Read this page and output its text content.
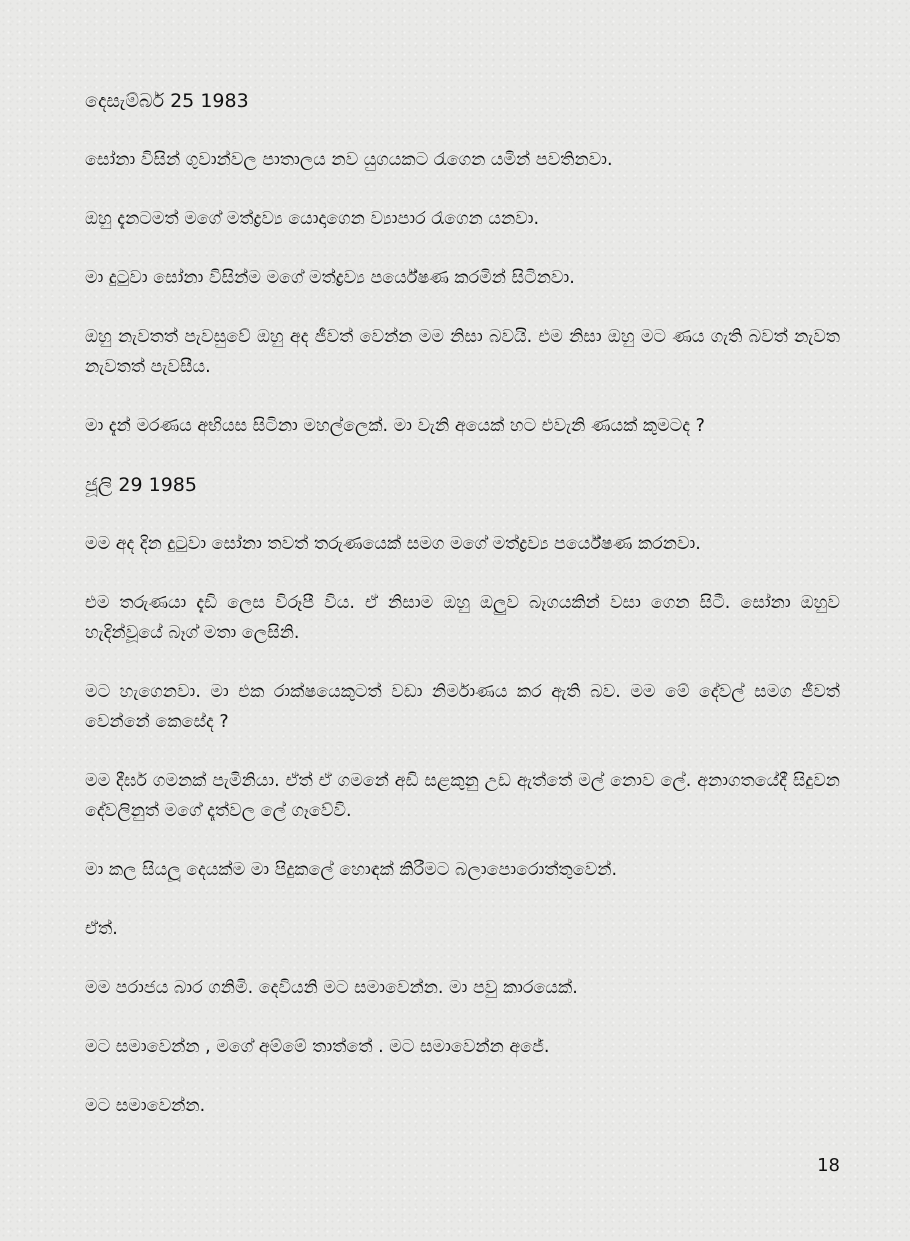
දෙසැම්බර් 25 1983

සෝනා විසින් ගුවාන්වල පාතාලය නව යුගයකට රැගෙන යමින් පවතිනවා.

ඔහු දැනටමත් මගේ මත්ද්‍රව්‍ය යොදාගෙන ව්‍යාපාර රැගෙන යනවා.

මා දුටුවා සෝනා විසින්ම මගේ මත්ද්‍රව්‍ය පර්යේෂණ කරමින් සිටිනවා.

ඔහු නැවතත් පැවසුවේ ඔහු අද ජීවත් වෙන්න මම නිසා බවයි. එම නිසා ඔහු මට ණය ගැති බවත් නැවත නැවතත් පැවසීය.

මා දැන් මරණය අභියස සිටිනා මහල්ලෙක්. මා වැනි අයෙක් හට එවැනි ණයක් කුමටද ?

ජූලි 29 1985

මම අද දින දුටුවා සෝනා තවත් තරුණයෙක් සමග මගේ මත්ද්‍රව්‍ය පර්යේෂණ කරනවා.

එම තරුණයා දැඩි ලෙස විරූපී විය. ඒ නිසාම ඔහු ඔලුව බෑගයකින් වසා ගෙන සිටී. සෝනා ඔහුව හැදින්වූයේ බෑග් මතා ලෙසිනි.

මට හැගෙනවා. මා එක රාක්ෂයෙකුටත් වඩා නිර්මාණය කර ඇති බව. මම මේ දේවල් සමග ජීවත් වෙන්නේ කෙසේද ?

මම දීර්ඝ ගමනක් පැමිනියා. ඒත් ඒ ගමනේ අඩි සළකුනු උඩ ඇත්තේ මල් නොව ලේ. අනාගතයේදී සිදුවන දේවලිනුත් මගේ දෑත්වල ලේ ගෑවේවි.

මා කල සියලූ දෙයක්ම මා පිදුකලේ හොඳක් කිරීමට බලාපොරොත්තුවෙන්.

ඒත්.

මම පරාජය බාර ගනිමි. දෙවියනි මට සමාවෙන්න. මා පවු කාරයෙක්.

මට සමාවෙන්න , මගේ අම්මේ තාත්තේ . මට සමාවෙන්න අජේ.

මට සමාවෙන්න.

18
